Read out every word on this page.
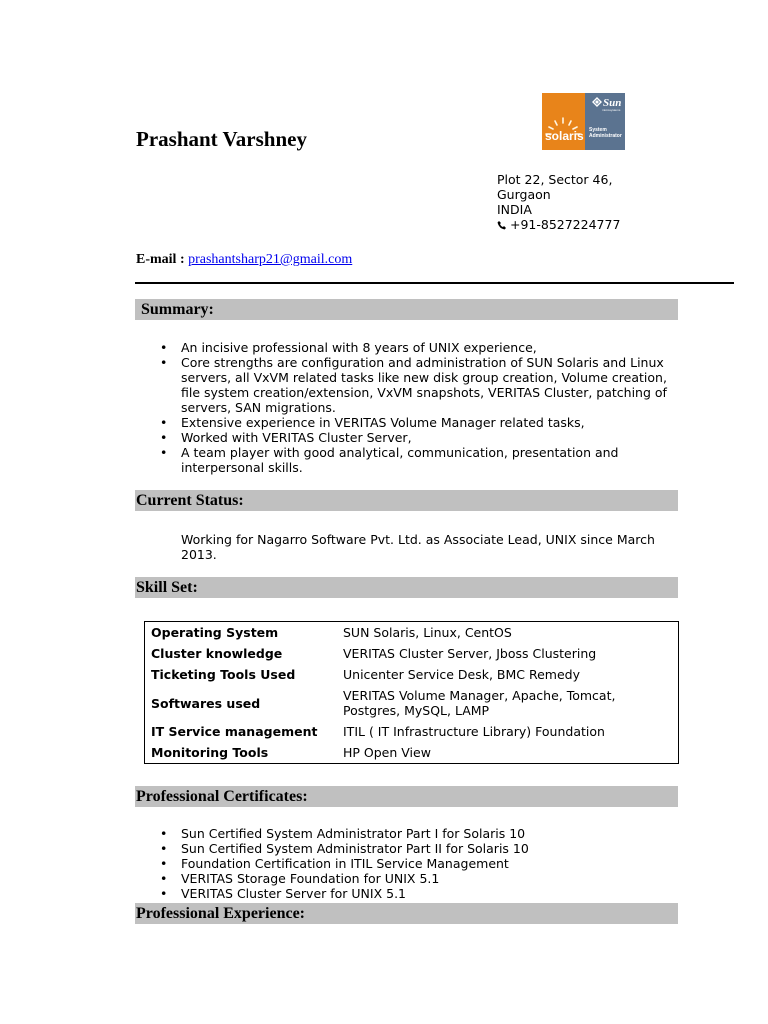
Prashant Varshney
Sun
microsystems
solaris System
Administrator
Plot 22, Sector 46,
Gurgaon
INDIA
+91-8527224777
E-mail : prashantsharp21@gmail.com
Summary:
• An incisive professional with 8 years of UNIX experience,
• Core strengths are configuration and administration of SUN Solaris and Linux servers, all VxVM related tasks like new disk group creation, Volume creation, file system creation/extension, VxVM snapshots, VERITAS Cluster, patching of servers, SAN migrations.
• Extensive experience in VERITAS Volume Manager related tasks,
• Worked with VERITAS Cluster Server,
• A team player with good analytical, communication, presentation and interpersonal skills.
Current Status:
Working for Nagarro Software Pvt. Ltd. as Associate Lead, UNIX since March 2013.
Skill Set:
Operating System	SUN Solaris, Linux, CentOS
Cluster knowledge	VERITAS Cluster Server, Jboss Clustering
Ticketing Tools Used	Unicenter Service Desk, BMC Remedy
Softwares used	VERITAS Volume Manager, Apache, Tomcat, Postgres, MySQL, LAMP
IT Service management	ITIL ( IT Infrastructure Library) Foundation
Monitoring Tools	HP Open View
Professional Certificates:
• Sun Certified System Administrator Part I for Solaris 10
• Sun Certified System Administrator Part II for Solaris 10
• Foundation Certification in ITIL Service Management
• VERITAS Storage Foundation for UNIX 5.1
• VERITAS Cluster Server for UNIX 5.1
Professional Experience:
